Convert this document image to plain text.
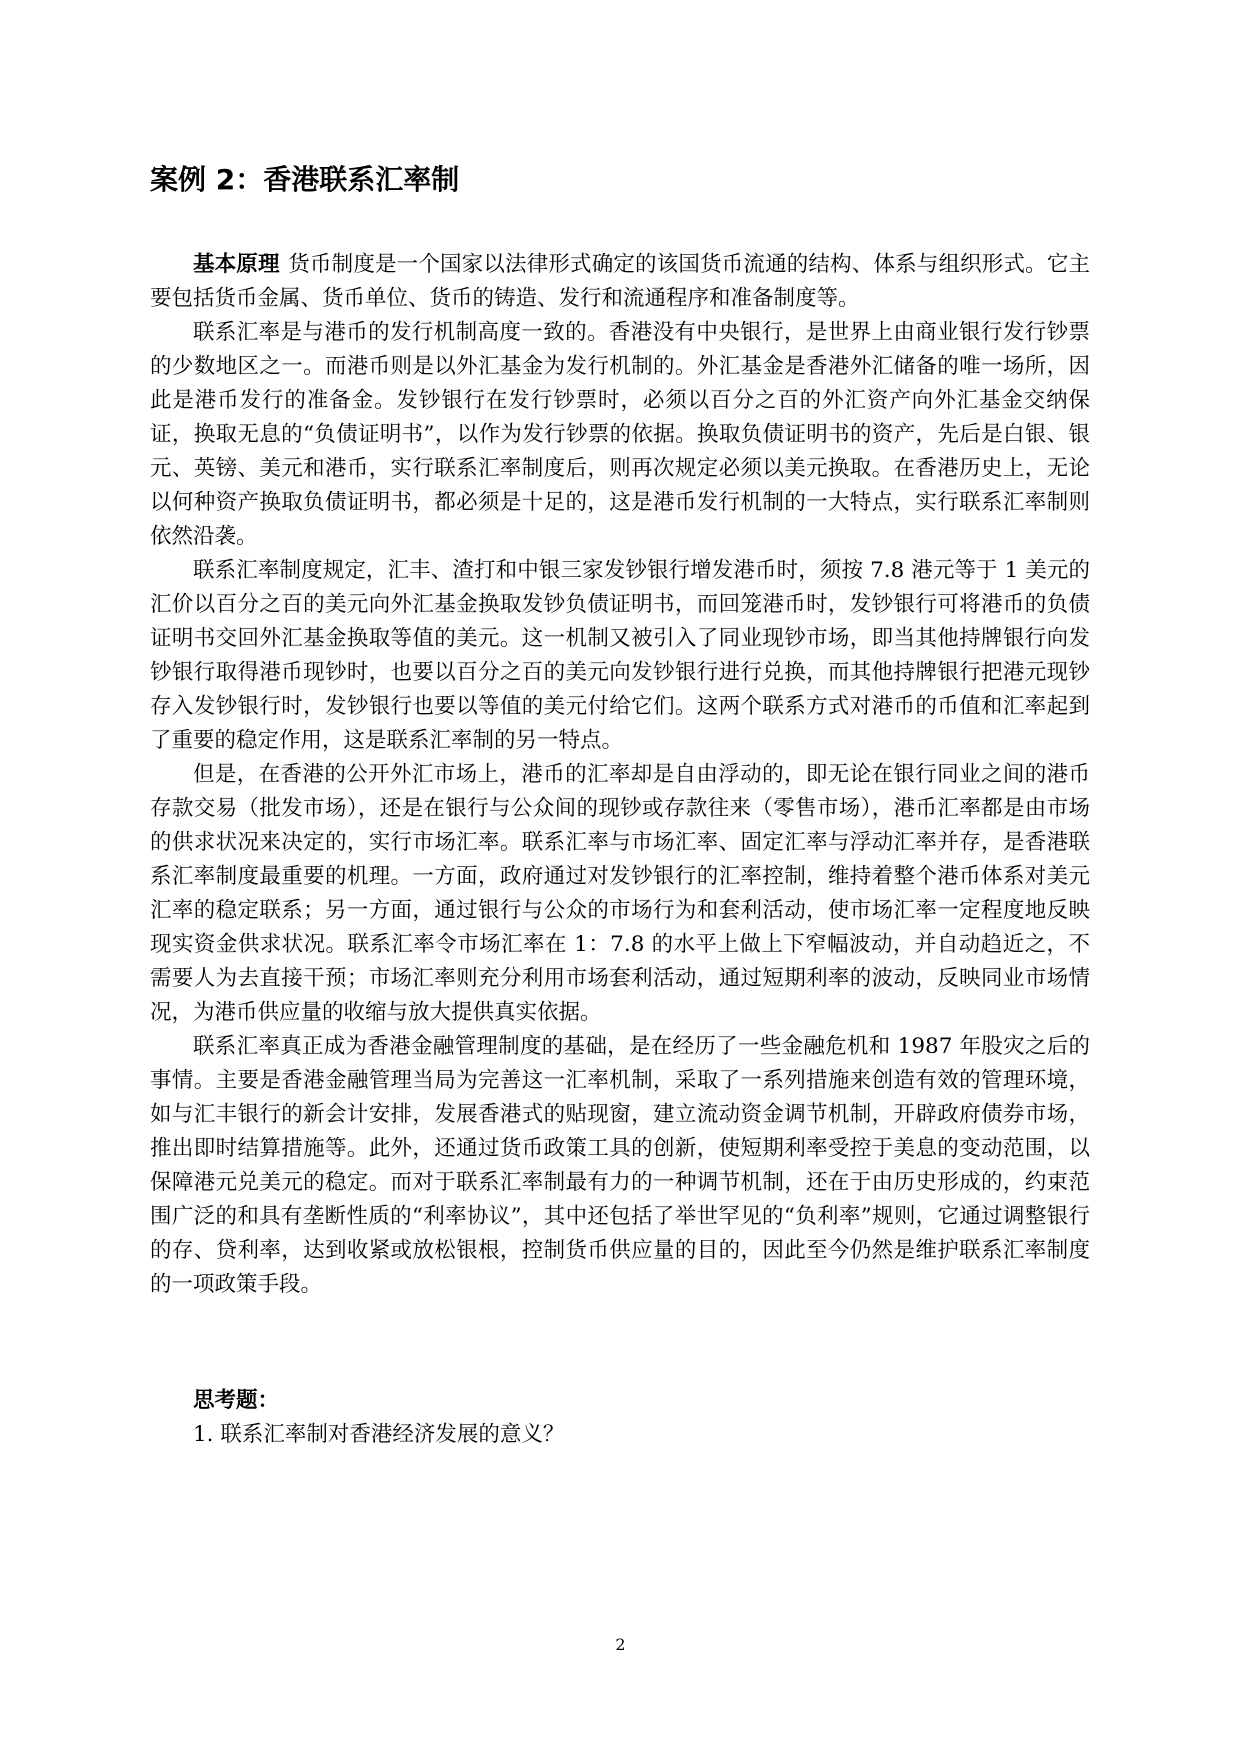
案例 2：香港联系汇率制

基本原理 货币制度是一个国家以法律形式确定的该国货币流通的结构、体系与组织形式。它主要包括货币金属、货币单位、货币的铸造、发行和流通程序和准备制度等。

联系汇率是与港币的发行机制高度一致的。香港没有中央银行，是世界上由商业银行发行钞票的少数地区之一。而港币则是以外汇基金为发行机制的。外汇基金是香港外汇储备的唯一场所，因此是港币发行的准备金。发钞银行在发行钞票时，必须以百分之百的外汇资产向外汇基金交纳保证，换取无息的“负债证明书”，以作为发行钞票的依据。换取负债证明书的资产，先后是白银、银元、英镑、美元和港币，实行联系汇率制度后，则再次规定必须以美元换取。在香港历史上，无论以何种资产换取负债证明书，都必须是十足的，这是港币发行机制的一大特点，实行联系汇率制则依然沿袭。

联系汇率制度规定，汇丰、渣打和中银三家发钞银行增发港币时，须按 7.8 港元等于 1 美元的汇价以百分之百的美元向外汇基金换取发钞负债证明书，而回笼港币时，发钞银行可将港币的负债证明书交回外汇基金换取等值的美元。这一机制又被引入了同业现钞市场，即当其他持牌银行向发钞银行取得港币现钞时，也要以百分之百的美元向发钞银行进行兑换，而其他持牌银行把港元现钞存入发钞银行时，发钞银行也要以等值的美元付给它们。这两个联系方式对港币的币值和汇率起到了重要的稳定作用，这是联系汇率制的另一特点。

但是，在香港的公开外汇市场上，港币的汇率却是自由浮动的，即无论在银行同业之间的港币存款交易（批发市场），还是在银行与公众间的现钞或存款往来（零售市场），港币汇率都是由市场的供求状况来决定的，实行市场汇率。联系汇率与市场汇率、固定汇率与浮动汇率并存，是香港联系汇率制度最重要的机理。一方面，政府通过对发钞银行的汇率控制，维持着整个港币体系对美元汇率的稳定联系；另一方面，通过银行与公众的市场行为和套利活动，使市场汇率一定程度地反映现实资金供求状况。联系汇率令市场汇率在 1：7.8 的水平上做上下窄幅波动，并自动趋近之，不需要人为去直接干预；市场汇率则充分利用市场套利活动，通过短期利率的波动，反映同业市场情况，为港币供应量的收缩与放大提供真实依据。

联系汇率真正成为香港金融管理制度的基础，是在经历了一些金融危机和 1987 年股灾之后的事情。主要是香港金融管理当局为完善这一汇率机制，采取了一系列措施来创造有效的管理环境，如与汇丰银行的新会计安排，发展香港式的贴现窗，建立流动资金调节机制，开辟政府债券市场，推出即时结算措施等。此外，还通过货币政策工具的创新，使短期利率受控于美息的变动范围，以保障港元兑美元的稳定。而对于联系汇率制最有力的一种调节机制，还在于由历史形成的，约束范围广泛的和具有垄断性质的“利率协议”，其中还包括了举世罕见的“负利率”规则，它通过调整银行的存、贷利率，达到收紧或放松银根，控制货币供应量的目的，因此至今仍然是维护联系汇率制度的一项政策手段。

思考题：

1. 联系汇率制对香港经济发展的意义？

2
